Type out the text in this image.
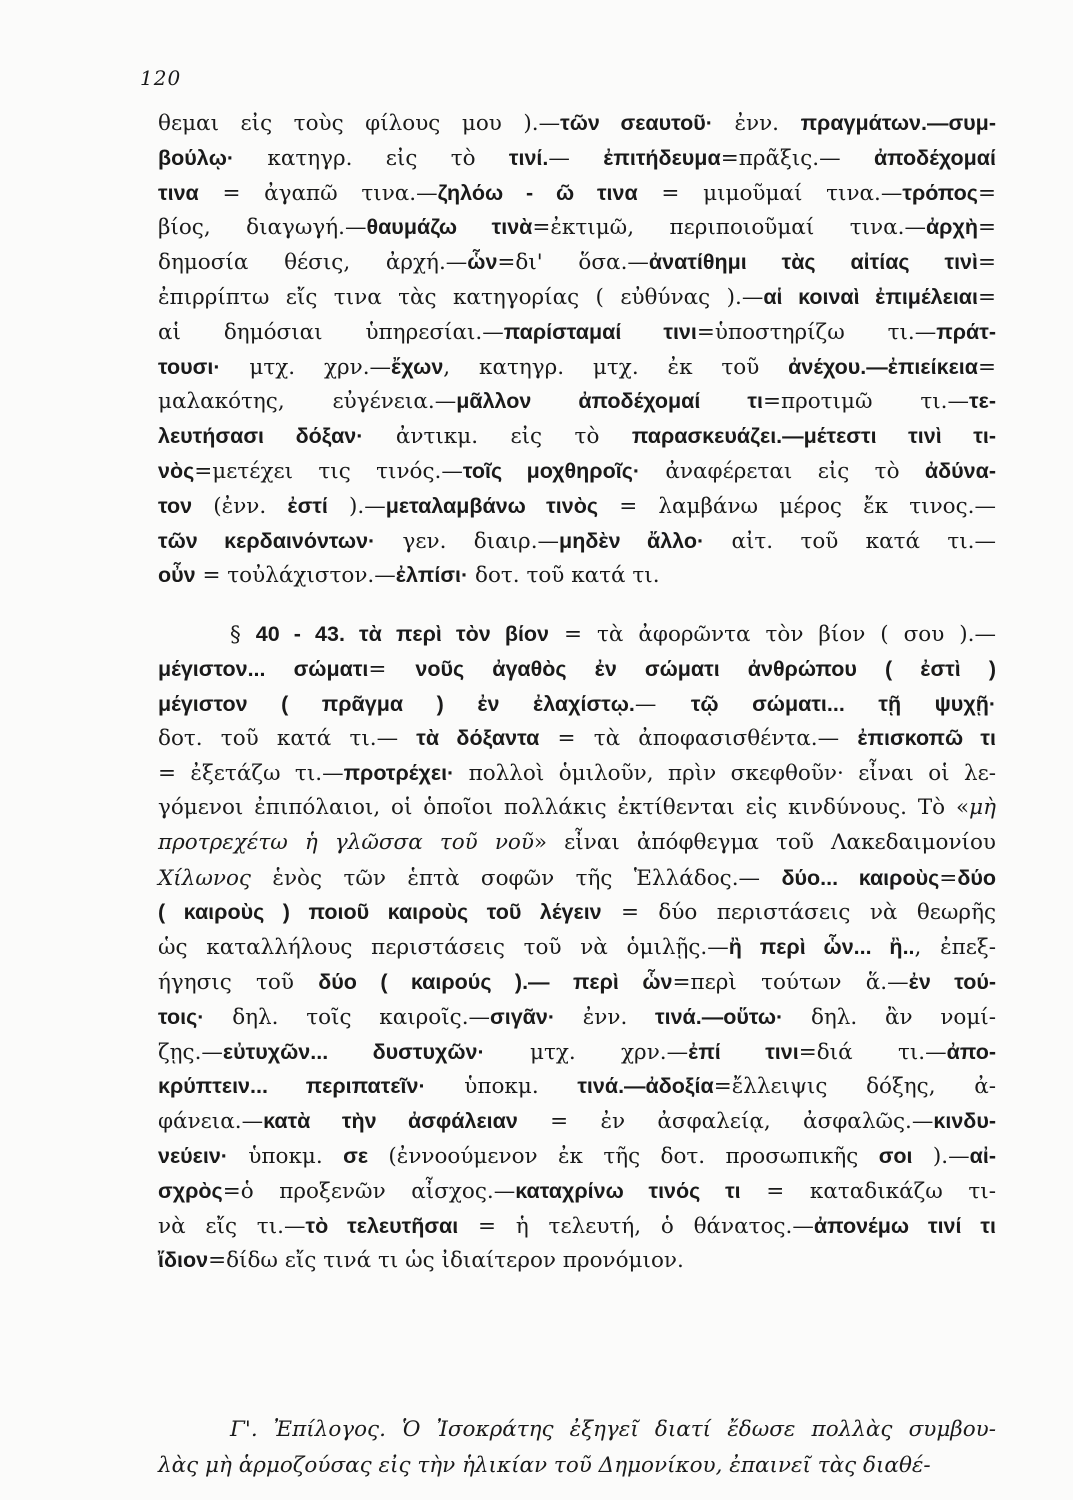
120
θεμαι εἰς τοὺς φίλους μου ).—τῶν σεαυτοῦ· ἐνν. πραγμάτων.—συμ-
βούλῳ· κατηγρ. εἰς τὸ τινί.— ἐπιτήδευμα=πρᾶξις.— ἀποδέχομαί
τινα = ἀγαπῶ τινα.—ζηλόω - ῶ τινα = μιμοῦμαί τινα.—τρόπος=
βίος, διαγωγή.—θαυμάζω τινὰ=ἐκτιμῶ, περιποιοῦμαί τινα.—ἀρχὴ=
δημοσία θέσις, ἀρχή.—ὧν=δι' ὅσα.—ἀνατίθημι τὰς αἰτίας τινὶ=
ἐπιρρίπτω εἴς τινα τὰς κατηγορίας ( εὐθύνας ).—αἱ κοιναὶ ἐπιμέλειαι=
αἱ δημόσιαι ὑπηρεσίαι.—παρίσταμαί τινι=ὑποστηρίζω τι.—πράτ-
τουσι· μτχ. χρν.—ἔχων, κατηγρ. μτχ. ἐκ τοῦ ἀνέχου.—ἐπιείκεια=
μαλακότης, εὐγένεια.—μᾶλλον ἀποδέχομαί τι=προτιμῶ τι.—τε-
λευτήσασι δόξαν· ἀντικμ. εἰς τὸ παρασκευάζει.—μέτεστι τινὶ τι-
νὸς=μετέχει τις τινός.—τοῖς μοχθηροῖς· ἀναφέρεται εἰς τὸ ἀδύνα-
τον (ἐνν. ἐστί ).—μεταλαμβάνω τινὸς = λαμβάνω μέρος ἔκ τινος.—
τῶν κερδαινόντων· γεν. διαιρ.—μηδὲν ἄλλο· αἰτ. τοῦ κατά τι.—
οὖν = τοὐλάχιστον.—ἐλπίσι· δοτ. τοῦ κατά τι.
§ 40 - 43. τὰ περὶ τὸν βίον = τὰ ἀφορῶντα τὸν βίον ( σου ).—
μέγιστον... σώματι= νοῦς ἀγαθὸς ἐν σώματι ἀνθρώπου ( ἐστὶ )
μέγιστον ( πρᾶγμα ) ἐν ἐλαχίστῳ.— τῷ σώματι... τῇ ψυχῇ·
δοτ. τοῦ κατά τι.— τὰ δόξαντα = τὰ ἀποφασισθέντα.— ἐπισκοπῶ τι
= ἐξετάζω τι.—προτρέχει· πολλοὶ ὁμιλοῦν, πρὶν σκεφθοῦν· εἶναι οἱ λε-
γόμενοι ἐπιπόλαιοι, οἱ ὁποῖοι πολλάκις ἐκτίθενται εἰς κινδύνους. Τὸ «μὴ
προτρεχέτω ἡ γλῶσσα τοῦ νοῦ» εἶναι ἀπόφθεγμα τοῦ Λακεδαιμονίου
Χίλωνος ἑνὸς τῶν ἑπτὰ σοφῶν τῆς Ἑλλάδος.— δύο... καιροὺς=δύο
( καιροὺς ) ποιοῦ καιροὺς τοῦ λέγειν = δύο περιστάσεις νὰ θεωρῆς
ὡς καταλλήλους περιστάσεις τοῦ νὰ ὁμιλῇς.—ἢ περὶ ὧν... ἢ.., ἐπεξ-
ήγησις τοῦ δύο ( καιρούς ).— περὶ ὧν=περὶ τούτων ἅ.—ἐν τού-
τοις· δηλ. τοῖς καιροῖς.—σιγᾶν· ἐνν. τινά.—οὕτω· δηλ. ἂν νομί-
ζῃς.—εὐτυχῶν... δυστυχῶν· μτχ. χρν.—ἐπί τινι=διά τι.—ἀπο-
κρύπτειν... περιπατεῖν· ὑποκμ. τινά.—ἀδοξία=ἔλλειψις δόξης, ἀ-
φάνεια.—κατὰ τὴν ἀσφάλειαν = ἐν ἀσφαλείᾳ, ἀσφαλῶς.—κινδυ-
νεύειν· ὑποκμ. σε (ἐννοούμενον ἐκ τῆς δοτ. προσωπικῆς σοι ).—αἰ-
σχρὸς=ὁ προξενῶν αἶσχος.—καταχρίνω τινός τι = καταδικάζω τι-
νὰ εἴς τι.—τὸ τελευτῆσαι = ἡ τελευτή, ὁ θάνατος.—ἀπονέμω τινί τι
ἴδιον=δίδω εἴς τινά τι ὡς ἰδιαίτερον προνόμιον.
Γ'. Ἐπίλογος. Ὁ Ἰσοκράτης ἐξηγεῖ διατί ἔδωσε πολλὰς συμβου-
λὰς μὴ ἁρμοζούσας εἰς τὴν ἡλικίαν τοῦ Δημονίκου, ἐπαινεῖ τὰς διαθέ-
